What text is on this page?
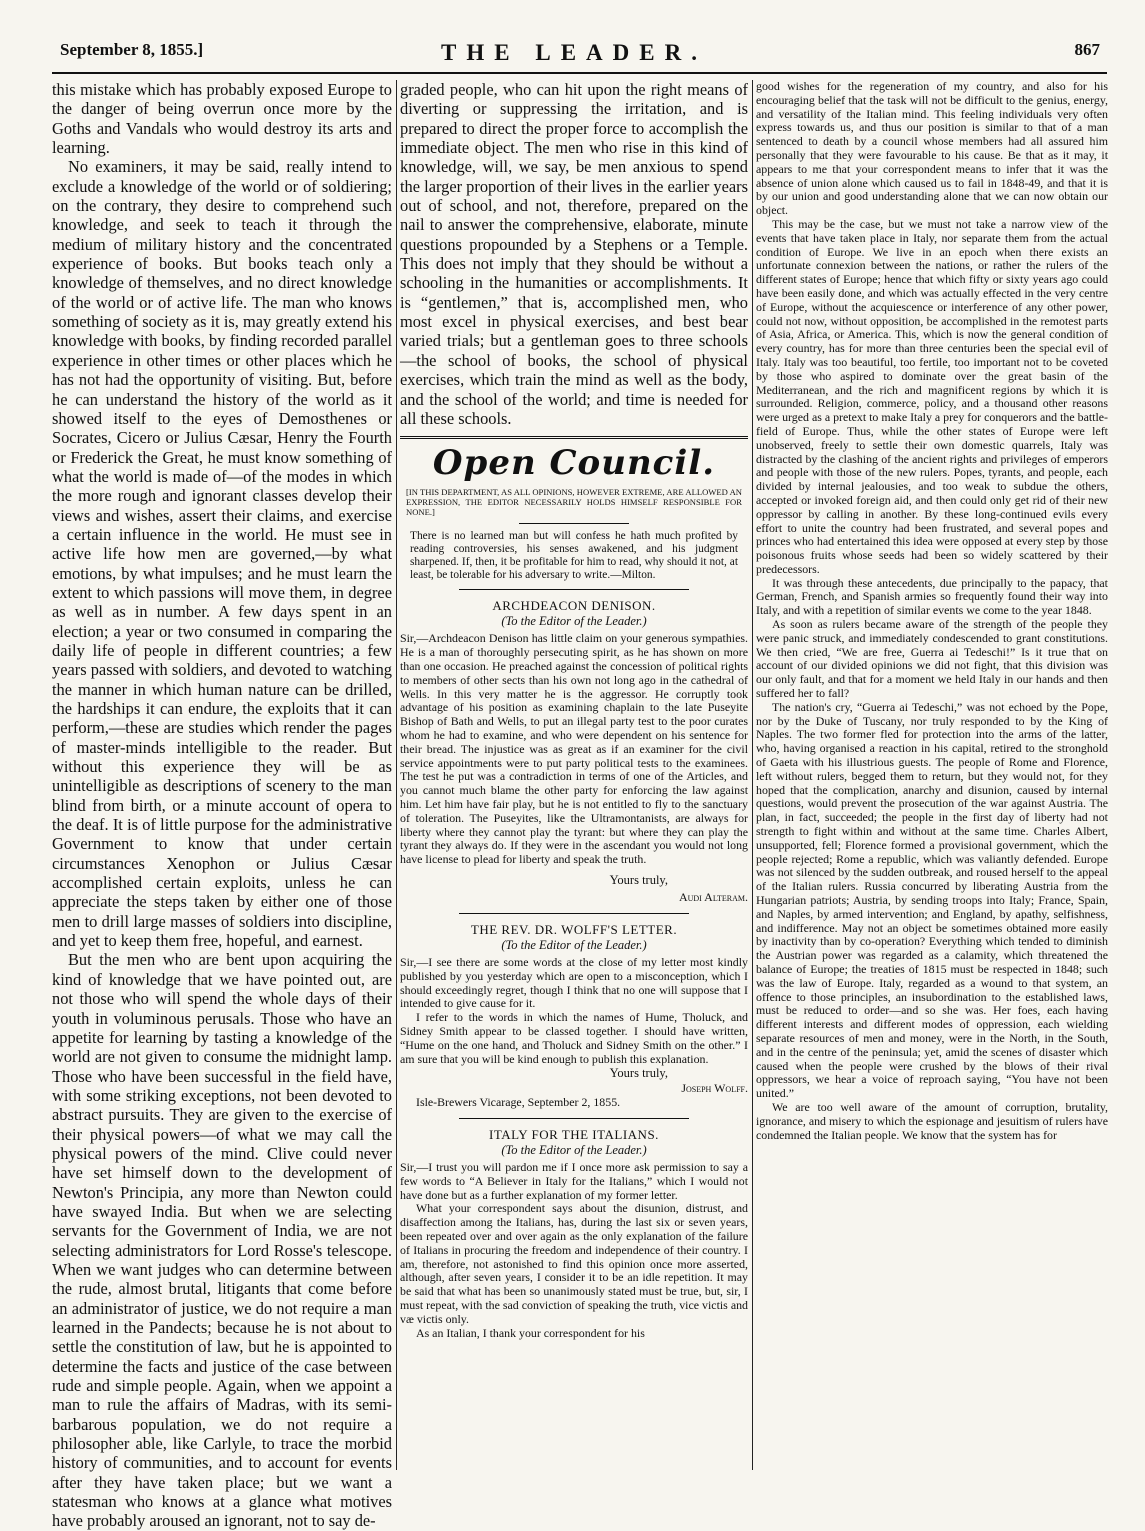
September 8, 1855.]	THE LEADER.	867

this mistake which has probably exposed Europe to the danger of being overrun once more by the Goths and Vandals who would destroy its arts and learning.

No examiners, it may be said, really intend to exclude a knowledge of the world or of soldiering; on the contrary, they desire to comprehend such knowledge, and seek to teach it through the medium of military history and the concentrated experience of books. But books teach only a knowledge of themselves, and no direct knowledge of the world or of active life. The man who knows something of society as it is, may greatly extend his knowledge with books, by finding recorded parallel experience in other times or other places which he has not had the opportunity of visiting. But, before he can understand the history of the world as it showed itself to the eyes of Demosthenes or Socrates, Cicero or Julius Cæsar, Henry the Fourth or Frederick the Great, he must know something of what the world is made of—of the modes in which the more rough and ignorant classes develop their views and wishes, assert their claims, and exercise a certain influence in the world. He must see in active life how men are governed,—by what emotions, by what impulses; and he must learn the extent to which passions will move them, in degree as well as in number. A few days spent in an election; a year or two consumed in comparing the daily life of people in different countries; a few years passed with soldiers, and devoted to watching the manner in which human nature can be drilled, the hardships it can endure, the exploits that it can perform,—these are studies which render the pages of master-minds intelligible to the reader. But without this experience they will be as unintelligible as descriptions of scenery to the man blind from birth, or a minute account of opera to the deaf. It is of little purpose for the administrative Government to know that under certain circumstances Xenophon or Julius Cæsar accomplished certain exploits, unless he can appreciate the steps taken by either one of those men to drill large masses of soldiers into discipline, and yet to keep them free, hopeful, and earnest.

But the men who are bent upon acquiring the kind of knowledge that we have pointed out, are not those who will spend the whole days of their youth in voluminous perusals. Those who have an appetite for learning by tasting a knowledge of the world are not given to consume the midnight lamp. Those who have been successful in the field have, with some striking exceptions, not been devoted to abstract pursuits. They are given to the exercise of their physical powers—of what we may call the physical powers of the mind. Clive could never have set himself down to the development of Newton's Principia, any more than Newton could have swayed India. But when we are selecting servants for the Government of India, we are not selecting administrators for Lord Rosse's telescope. When we want judges who can determine between the rude, almost brutal, litigants that come before an administrator of justice, we do not require a man learned in the Pandects; because he is not about to settle the constitution of law, but he is appointed to determine the facts and justice of the case between rude and simple people. Again, when we appoint a man to rule the affairs of Madras, with its semi-barbarous population, we do not require a philosopher able, like Carlyle, to trace the morbid history of communities, and to account for events after they have taken place; but we want a statesman who knows at a glance what motives have probably aroused an ignorant, not to say de-

graded people, who can hit upon the right means of diverting or suppressing the irritation, and is prepared to direct the proper force to accomplish the immediate object. The men who rise in this kind of knowledge, will, we say, be men anxious to spend the larger proportion of their lives in the earlier years out of school, and not, therefore, prepared on the nail to answer the comprehensive, elaborate, minute questions propounded by a Stephens or a Temple. This does not imply that they should be without a schooling in the humanities or accomplishments. It is “gentlemen,” that is, accomplished men, who most excel in physical exercises, and best bear varied trials; but a gentleman goes to three schools—the school of books, the school of physical exercises, which train the mind as well as the body, and the school of the world; and time is needed for all these schools.

Open Council.
[IN THIS DEPARTMENT, AS ALL OPINIONS, HOWEVER EXTREME, ARE ALLOWED AN EXPRESSION, THE EDITOR NECESSARILY HOLDS HIMSELF RESPONSIBLE FOR NONE.]
There is no learned man but will confess he hath much profited by reading controversies, his senses awakened, and his judgment sharpened. If, then, it be profitable for him to read, why should it not, at least, be tolerable for his adversary to write.—Milton.
ARCHDEACON DENISON.
(To the Editor of the Leader.)

Sir,—Archdeacon Denison has little claim on your generous sympathies. He is a man of thoroughly persecuting spirit, as he has shown on more than one occasion. He preached against the concession of political rights to members of other sects than his own not long ago in the cathedral of Wells. In this very matter he is the aggressor. He corruptly took advantage of his position as examining chaplain to the late Puseyite Bishop of Bath and Wells, to put an illegal party test to the poor curates whom he had to examine, and who were dependent on his sentence for their bread. The injustice was as great as if an examiner for the civil service appointments were to put party political tests to the examinees. The test he put was a contradiction in terms of one of the Articles, and you cannot much blame the other party for enforcing the law against him. Let him have fair play, but he is not entitled to fly to the sanctuary of toleration. The Puseyites, like the Ultramontanists, are always for liberty where they cannot play the tyrant: but where they can play the tyrant they always do. If they were in the ascendant you would not long have license to plead for liberty and speak the truth.

Yours truly,
Audi Alteram.
THE REV. DR. WOLFF'S LETTER.
(To the Editor of the Leader.)

Sir,—I see there are some words at the close of my letter most kindly published by you yesterday which are open to a misconception, which I should exceedingly regret, though I think that no one will suppose that I intended to give cause for it.

I refer to the words in which the names of Hume, Tholuck, and Sidney Smith appear to be classed together. I should have written, “Hume on the one hand, and Tholuck and Sidney Smith on the other.” I am sure that you will be kind enough to publish this explanation.

Yours truly,
Joseph Wolff.

Isle-Brewers Vicarage, September 2, 1855.

ITALY FOR THE ITALIANS.
(To the Editor of the Leader.)

Sir,—I trust you will pardon me if I once more ask permission to say a few words to “A Believer in Italy for the Italians,” which I would not have done but as a further explanation of my former letter.

What your correspondent says about the disunion, distrust, and disaffection among the Italians, has, during the last six or seven years, been repeated over and over again as the only explanation of the failure of Italians in procuring the freedom and independence of their country. I am, therefore, not astonished to find this opinion once more asserted, although, after seven years, I consider it to be an idle repetition. It may be said that what has been so unanimously stated must be true, but, sir, I must repeat, with the sad conviction of speaking the truth, vice victis and væ victis only.

As an Italian, I thank your correspondent for his

good wishes for the regeneration of my country, and also for his encouraging belief that the task will not be difficult to the genius, energy, and versatility of the Italian mind. This feeling individuals very often express towards us, and thus our position is similar to that of a man sentenced to death by a council whose members had all assured him personally that they were favourable to his cause. Be that as it may, it appears to me that your correspondent means to infer that it was the absence of union alone which caused us to fail in 1848-49, and that it is by our union and good understanding alone that we can now obtain our object.

This may be the case, but we must not take a narrow view of the events that have taken place in Italy, nor separate them from the actual condition of Europe. We live in an epoch when there exists an unfortunate connexion between the nations, or rather the rulers of the different states of Europe; hence that which fifty or sixty years ago could have been easily done, and which was actually effected in the very centre of Europe, without the acquiescence or interference of any other power, could not now, without opposition, be accomplished in the remotest parts of Asia, Africa, or America. This, which is now the general condition of every country, has for more than three centuries been the special evil of Italy. Italy was too beautiful, too fertile, too important not to be coveted by those who aspired to dominate over the great basin of the Mediterranean, and the rich and magnificent regions by which it is surrounded. Religion, commerce, policy, and a thousand other reasons were urged as a pretext to make Italy a prey for conquerors and the battle-field of Europe. Thus, while the other states of Europe were left unobserved, freely to settle their own domestic quarrels, Italy was distracted by the clashing of the ancient rights and privileges of emperors and people with those of the new rulers. Popes, tyrants, and people, each divided by internal jealousies, and too weak to subdue the others, accepted or invoked foreign aid, and then could only get rid of their new oppressor by calling in another. By these long-continued evils every effort to unite the country had been frustrated, and several popes and princes who had entertained this idea were opposed at every step by those poisonous fruits whose seeds had been so widely scattered by their predecessors.

It was through these antecedents, due principally to the papacy, that German, French, and Spanish armies so frequently found their way into Italy, and with a repetition of similar events we come to the year 1848.

As soon as rulers became aware of the strength of the people they were panic struck, and immediately condescended to grant constitutions. We then cried, “We are free, Guerra ai Tedeschi!” Is it true that on account of our divided opinions we did not fight, that this division was our only fault, and that for a moment we held Italy in our hands and then suffered her to fall?

The nation's cry, “Guerra ai Tedeschi,” was not echoed by the Pope, nor by the Duke of Tuscany, nor truly responded to by the King of Naples. The two former fled for protection into the arms of the latter, who, having organised a reaction in his capital, retired to the stronghold of Gaeta with his illustrious guests. The people of Rome and Florence, left without rulers, begged them to return, but they would not, for they hoped that the complication, anarchy and disunion, caused by internal questions, would prevent the prosecution of the war against Austria. The plan, in fact, succeeded; the people in the first day of liberty had not strength to fight within and without at the same time. Charles Albert, unsupported, fell; Florence formed a provisional government, which the people rejected; Rome a republic, which was valiantly defended. Europe was not silenced by the sudden outbreak, and roused herself to the appeal of the Italian rulers. Russia concurred by liberating Austria from the Hungarian patriots; Austria, by sending troops into Italy; France, Spain, and Naples, by armed intervention; and England, by apathy, selfishness, and indifference. May not an object be sometimes obtained more easily by inactivity than by co-operation? Everything which tended to diminish the Austrian power was regarded as a calamity, which threatened the balance of Europe; the treaties of 1815 must be respected in 1848; such was the law of Europe. Italy, regarded as a wound to that system, an offence to those principles, an insubordination to the established laws, must be reduced to order—and so she was. Her foes, each having different interests and different modes of oppression, each wielding separate resources of men and money, were in the North, in the South, and in the centre of the peninsula; yet, amid the scenes of disaster which caused when the people were crushed by the blows of their rival oppressors, we hear a voice of reproach saying, “You have not been united.”

We are too well aware of the amount of corruption, brutality, ignorance, and misery to which the espionage and jesuitism of rulers have condemned the Italian people. We know that the system has for
